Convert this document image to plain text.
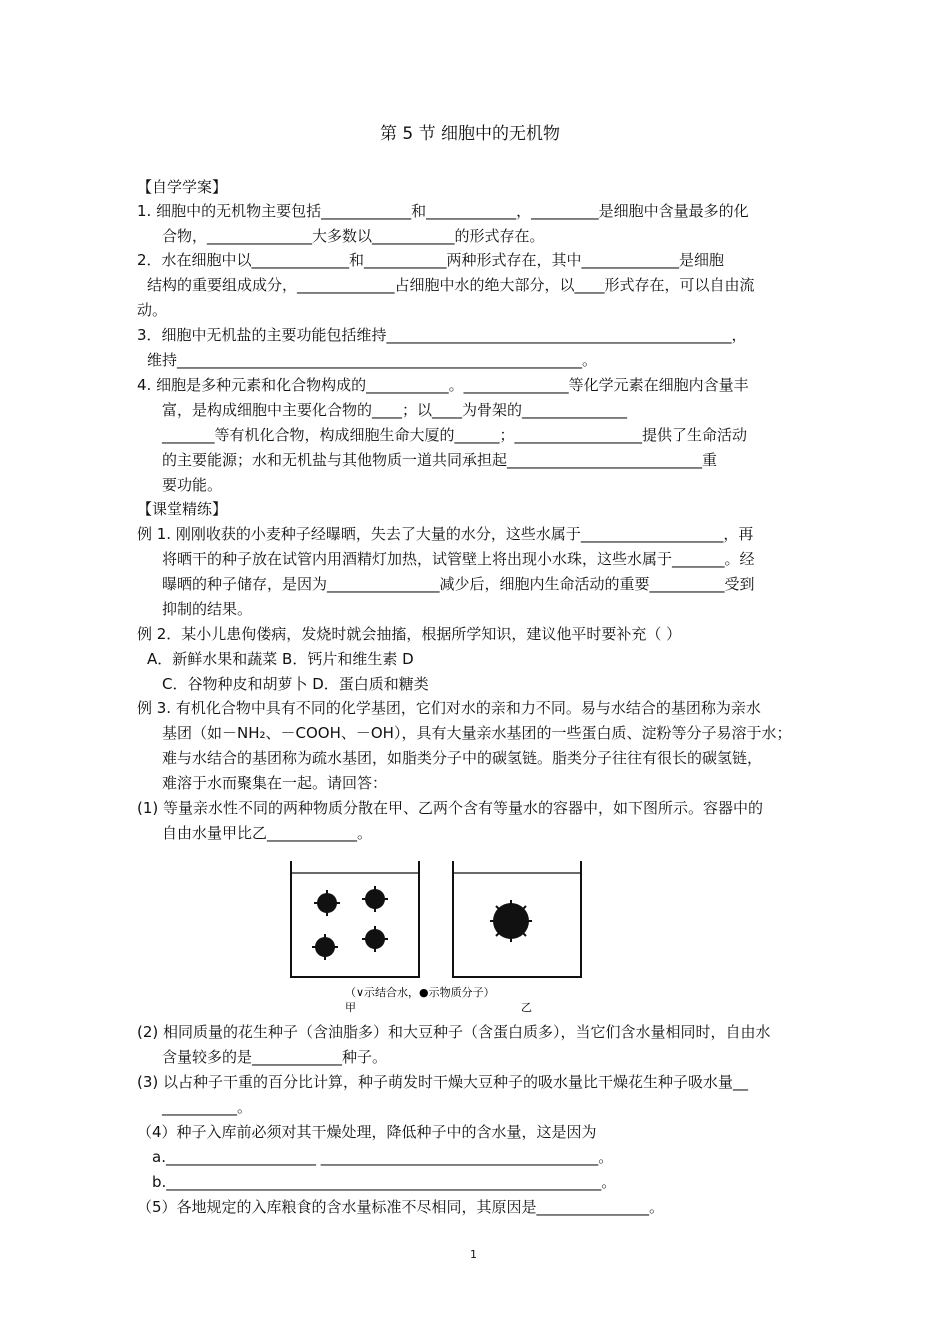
第 5 节 细胞中的无机物
【自学学案】
1. 细胞中的无机物主要包括____________和____________，_________是细胞中含量最多的化
合物，______________大多数以___________的形式存在。
2．水在细胞中以_____________和___________两种形式存在，其中_____________是细胞
结构的重要组成成分，_____________占细胞中水的绝大部分，以____形式存在，可以自由流
动。
3．细胞中无机盐的主要功能包括维持______________________________________________，
维持______________________________________________________。
4. 细胞是多种元素和化合物构成的___________。______________等化学元素在细胞内含量丰
富，是构成细胞中主要化合物的____；以____为骨架的______________
_______等有机化合物，构成细胞生命大厦的______；_________________提供了生命活动
的主要能源；水和无机盐与其他物质一道共同承担起__________________________重
要功能。
【课堂精练】
例 1. 刚刚收获的小麦种子经曝晒，失去了大量的水分，这些水属于___________________，再
将晒干的种子放在试管内用酒精灯加热，试管壁上将出现小水珠，这些水属于_______。经
曝晒的种子储存，是因为_______________减少后，细胞内生命活动的重要__________受到
抑制的结果。
例 2．某小儿患佝偻病，发烧时就会抽搐，根据所学知识，建议他平时要补充（ ）
A．新鲜水果和蔬菜 B．钙片和维生素 D
C．谷物种皮和胡萝卜 D．蛋白质和糖类
例 3. 有机化合物中具有不同的化学基团，它们对水的亲和力不同。易与水结合的基团称为亲水
基团（如－NH₂、－COOH、－OH），具有大量亲水基团的一些蛋白质、淀粉等分子易溶于水；
难与水结合的基团称为疏水基团，如脂类分子中的碳氢链。脂类分子往往有很长的碳氢链，
难溶于水而聚集在一起。请回答：
(1) 等量亲水性不同的两种物质分散在甲、乙两个含有等量水的容器中，如下图所示。容器中的
自由水量甲比乙____________。
（∨示结合水，●示物质分子）
甲	乙
(2) 相同质量的花生种子（含油脂多）和大豆种子（含蛋白质多），当它们含水量相同时，自由水
含量较多的是____________种子。
(3) 以占种子干重的百分比计算，种子萌发时干燥大豆种子的吸水量比干燥花生种子吸水量__
__________。
（4）种子入库前必须对其干燥处理，降低种子中的含水量，这是因为
a.____________________ _____________________________________。
b.__________________________________________________________。
（5）各地规定的入库粮食的含水量标准不尽相同，其原因是_______________。
1
